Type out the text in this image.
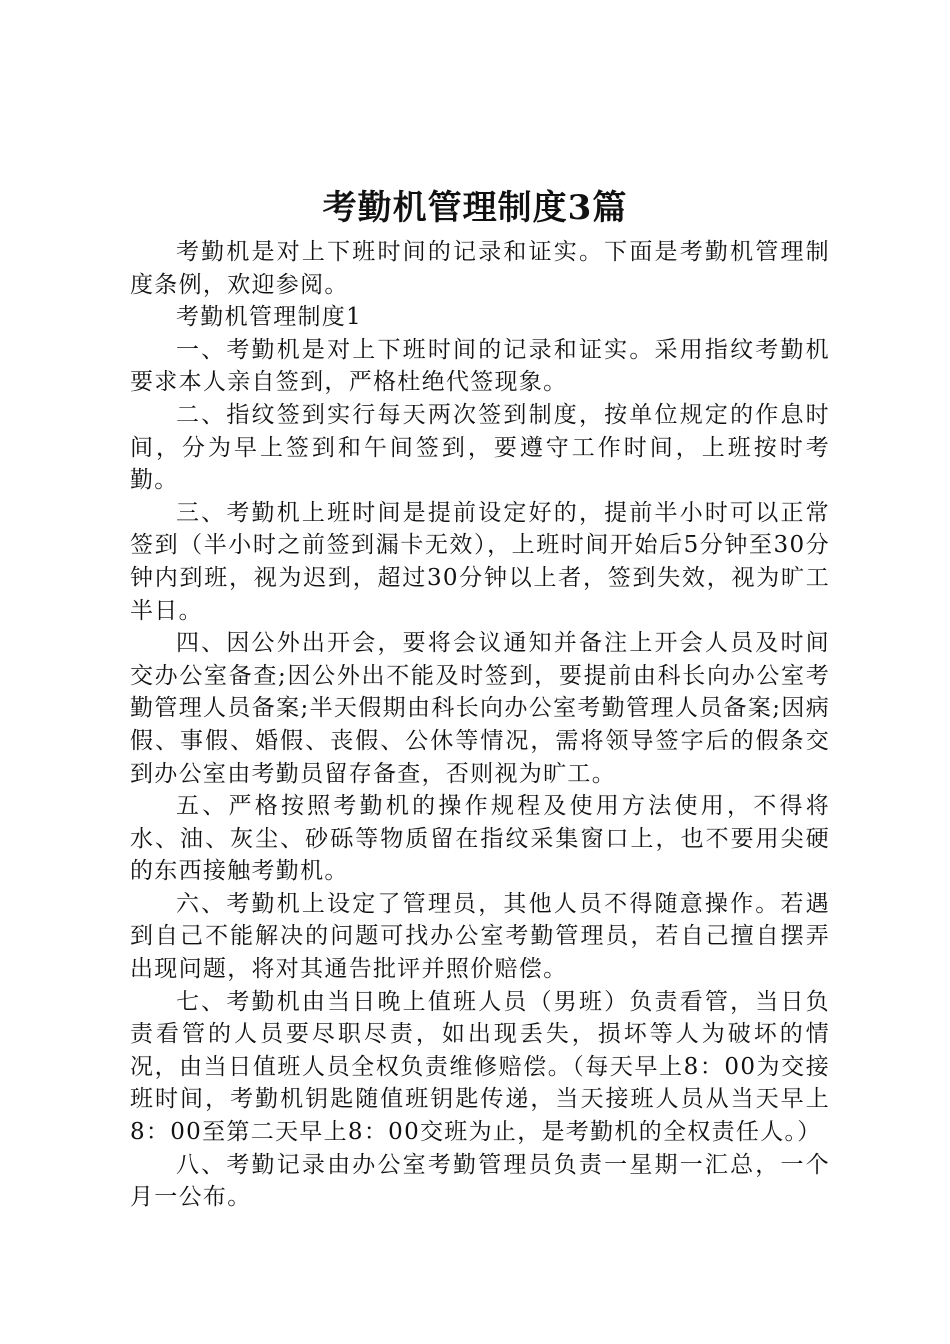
考勤机管理制度3篇

考勤机是对上下班时间的记录和证实。下面是考勤机管理制度条例，欢迎参阅。

考勤机管理制度1

一、考勤机是对上下班时间的记录和证实。采用指纹考勤机要求本人亲自签到，严格杜绝代签现象。

二、指纹签到实行每天两次签到制度，按单位规定的作息时间，分为早上签到和午间签到，要遵守工作时间，上班按时考勤。

三、考勤机上班时间是提前设定好的，提前半小时可以正常签到（半小时之前签到漏卡无效），上班时间开始后5分钟至30分钟内到班，视为迟到，超过30分钟以上者，签到失效，视为旷工半日。

四、因公外出开会，要将会议通知并备注上开会人员及时间交办公室备查;因公外出不能及时签到，要提前由科长向办公室考勤管理人员备案;半天假期由科长向办公室考勤管理人员备案;因病假、事假、婚假、丧假、公休等情况，需将领导签字后的假条交到办公室由考勤员留存备查，否则视为旷工。

五、严格按照考勤机的操作规程及使用方法使用，不得将水、油、灰尘、砂砾等物质留在指纹采集窗口上，也不要用尖硬的东西接触考勤机。

六、考勤机上设定了管理员，其他人员不得随意操作。若遇到自己不能解决的问题可找办公室考勤管理员，若自己擅自摆弄出现问题，将对其通告批评并照价赔偿。

七、考勤机由当日晚上值班人员（男班）负责看管，当日负责看管的人员要尽职尽责，如出现丢失，损坏等人为破坏的情况，由当日值班人员全权负责维修赔偿。（每天早上8：00为交接班时间，考勤机钥匙随值班钥匙传递，当天接班人员从当天早上8：00至第二天早上8：00交班为止，是考勤机的全权责任人。）

八、考勤记录由办公室考勤管理员负责一星期一汇总，一个月一公布。
